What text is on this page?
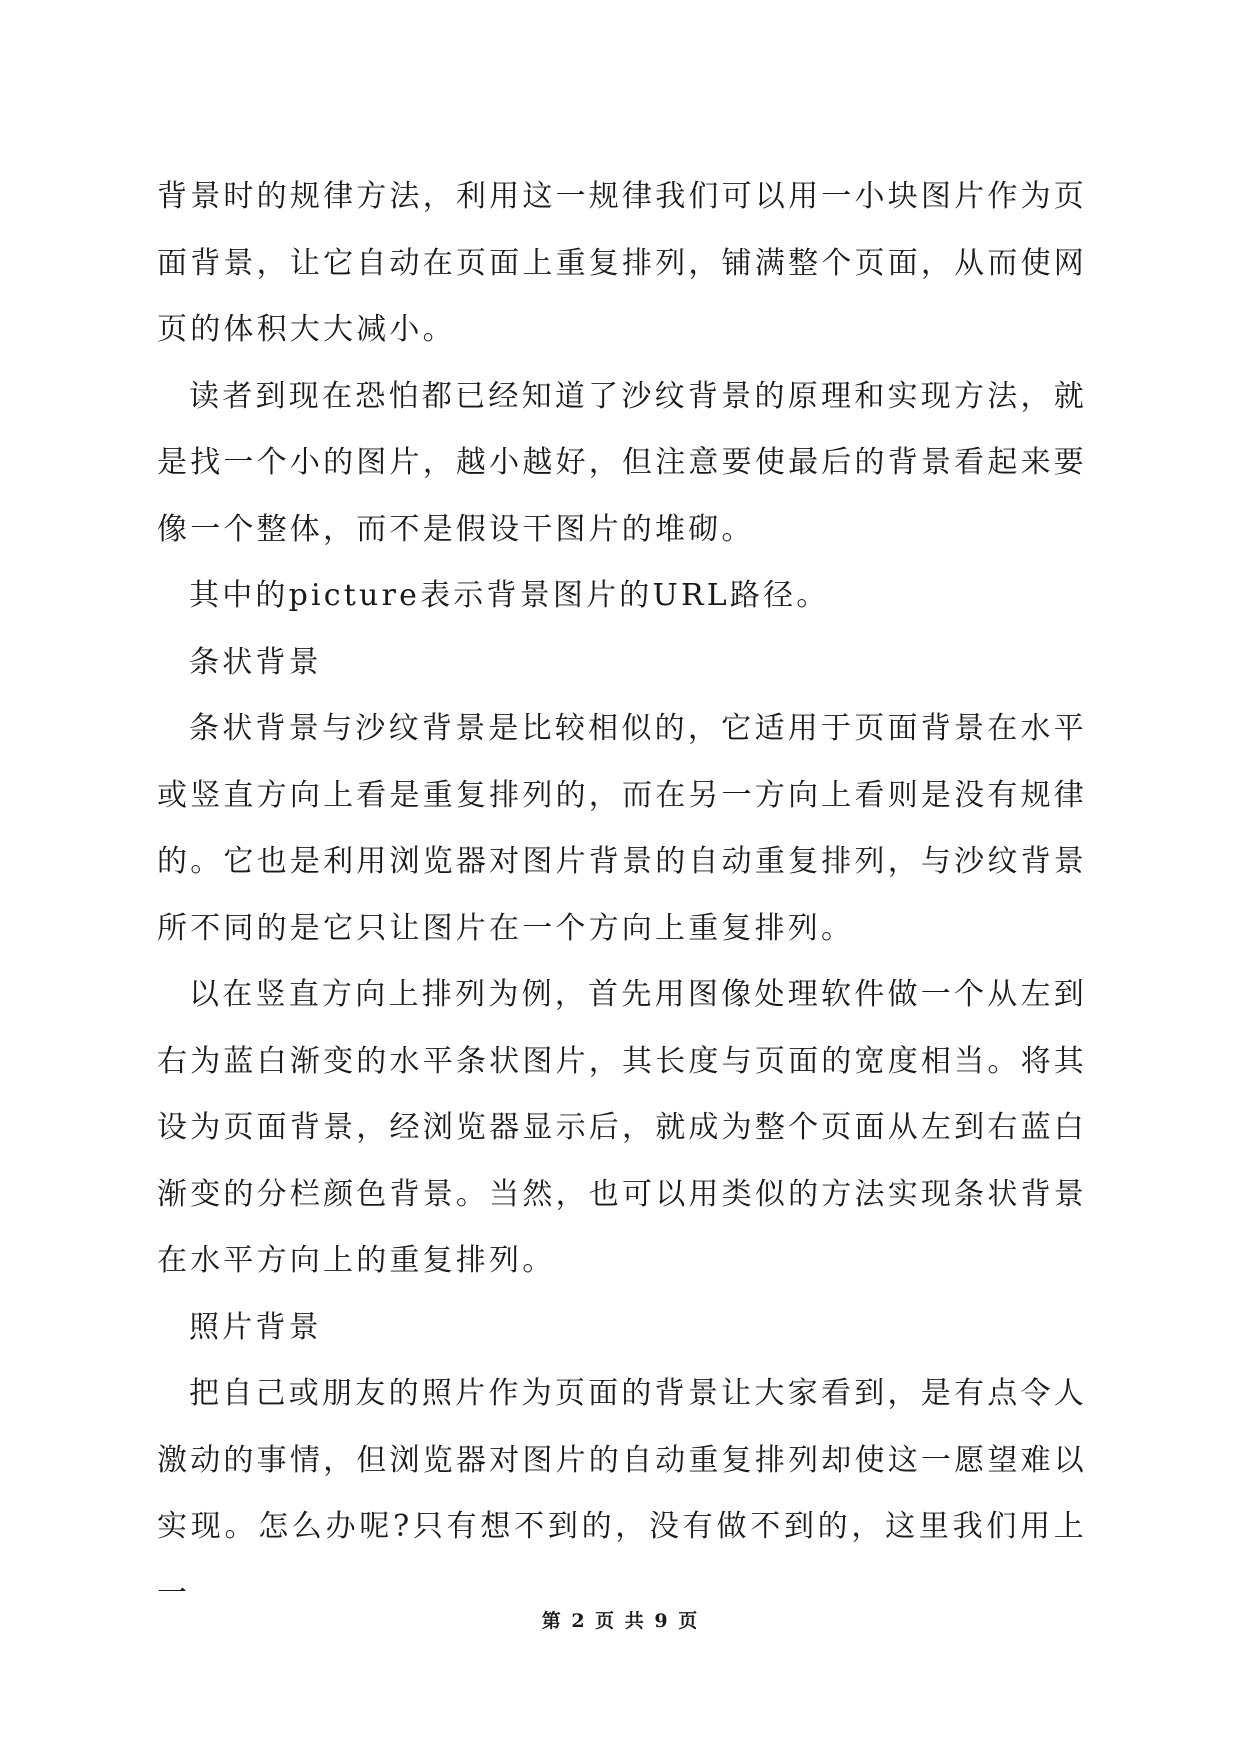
背景时的规律方法，利用这一规律我们可以用一小块图片作为页面背景，让它自动在页面上重复排列，铺满整个页面，从而使网页的体积大大减小。

读者到现在恐怕都已经知道了沙纹背景的原理和实现方法，就是找一个小的图片，越小越好，但注意要使最后的背景看起来要像一个整体，而不是假设干图片的堆砌。

其中的picture表示背景图片的URL路径。

条状背景

条状背景与沙纹背景是比较相似的，它适用于页面背景在水平或竖直方向上看是重复排列的，而在另一方向上看则是没有规律的。它也是利用浏览器对图片背景的自动重复排列，与沙纹背景所不同的是它只让图片在一个方向上重复排列。

以在竖直方向上排列为例，首先用图像处理软件做一个从左到右为蓝白渐变的水平条状图片，其长度与页面的宽度相当。将其设为页面背景，经浏览器显示后，就成为整个页面从左到右蓝白渐变的分栏颜色背景。当然，也可以用类似的方法实现条状背景在水平方向上的重复排列。

照片背景

把自己或朋友的照片作为页面的背景让大家看到，是有点令人激动的事情，但浏览器对图片的自动重复排列却使这一愿望难以实现。怎么办呢?只有想不到的，没有做不到的，这里我们用上一

第 2 页 共 9 页
